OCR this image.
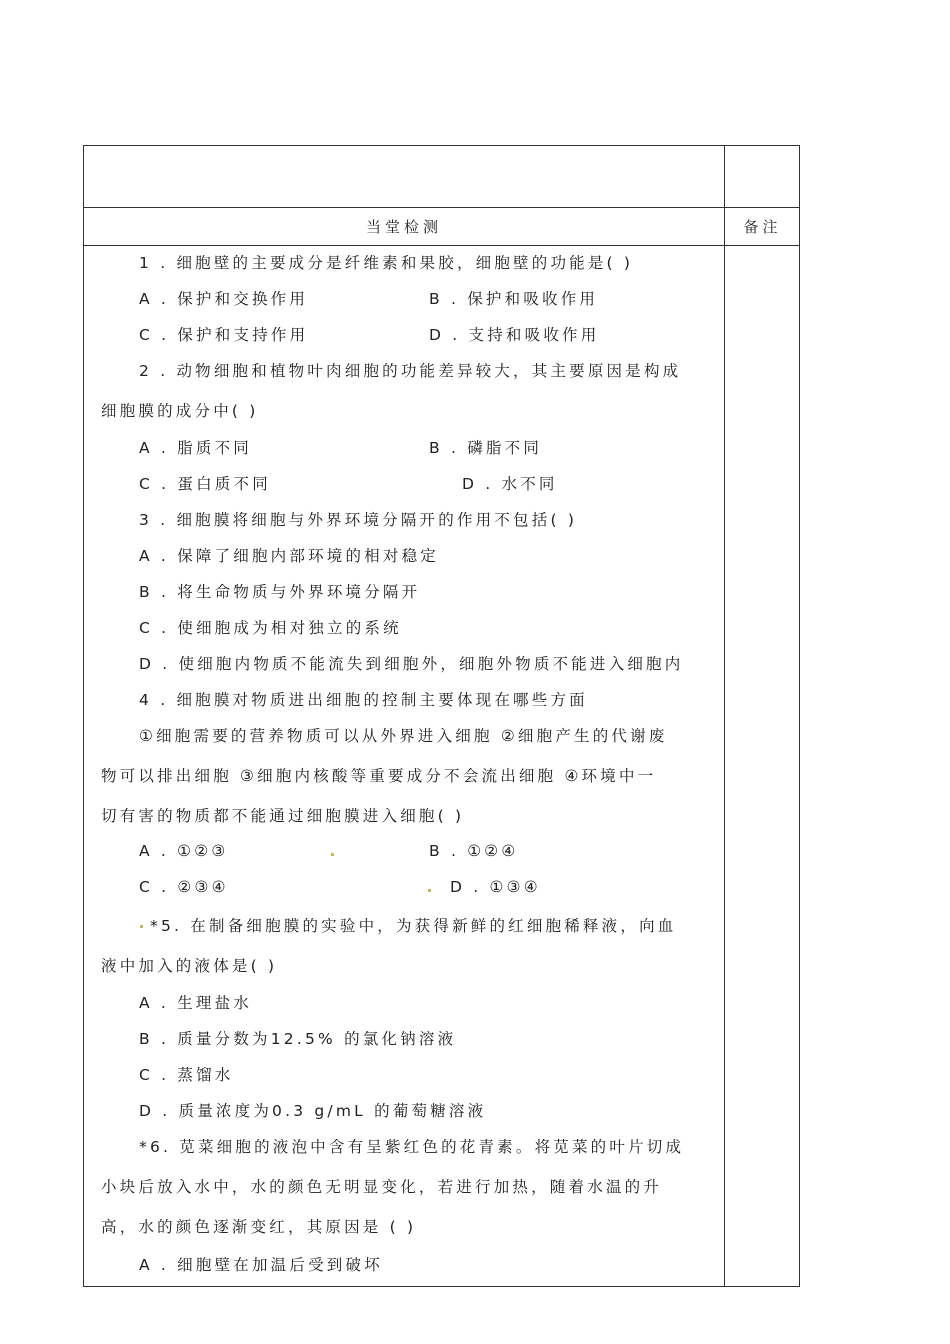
当堂检测	备注
1 . 细胞壁的主要成分是纤维素和果胶，细胞壁的功能是( )
A . 保护和交换作用	B . 保护和吸收作用
C . 保护和支持作用	D . 支持和吸收作用
2 . 动物细胞和植物叶肉细胞的功能差异较大，其主要原因是构成
细胞膜的成分中( )
A . 脂质不同	B . 磷脂不同
C . 蛋白质不同	D . 水不同
3 . 细胞膜将细胞与外界环境分隔开的作用不包括( )
A . 保障了细胞内部环境的相对稳定
B . 将生命物质与外界环境分隔开
C . 使细胞成为相对独立的系统
D . 使细胞内物质不能流失到细胞外，细胞外物质不能进入细胞内
4 . 细胞膜对物质进出细胞的控制主要体现在哪些方面
①细胞需要的营养物质可以从外界进入细胞 ②细胞产生的代谢废
物可以排出细胞 ③细胞内核酸等重要成分不会流出细胞 ④环境中一
切有害的物质都不能通过细胞膜进入细胞( )
A . ①②③	B . ①②④
C . ②③④	D . ①③④
*5. 在制备细胞膜的实验中，为获得新鲜的红细胞稀释液，向血
液中加入的液体是( )
A . 生理盐水
B . 质量分数为12.5% 的氯化钠溶液
C . 蒸馏水
D . 质量浓度为0.3 g/mL 的葡萄糖溶液
*6. 苋菜细胞的液泡中含有呈紫红色的花青素。将苋菜的叶片切成
小块后放入水中，水的颜色无明显变化，若进行加热，随着水温的升
高，水的颜色逐渐变红，其原因是 ( )
A . 细胞壁在加温后受到破坏
